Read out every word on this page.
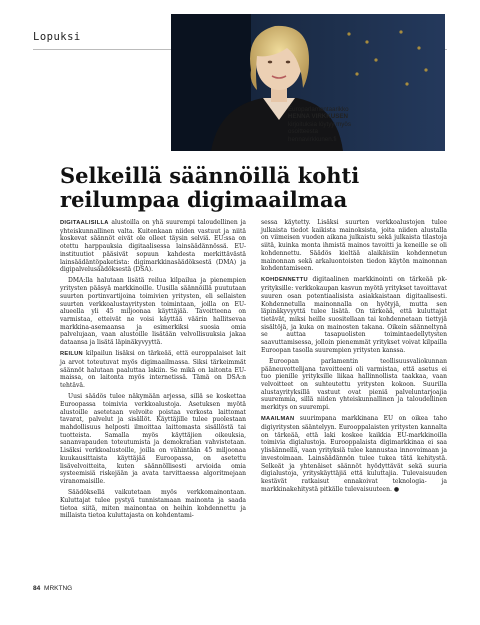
Lopuksi
Europarlamentaarikko
HENNA VIRKKUSEN
kirjoituksia löytyy myös
osoitteesta
hennavirkkunen.fi
Selkeillä säännöillä kohti
reilumpaa digimaailmaa

DIGITAALISILLA alustoilla on yhä suurempi taloudellinen ja yhteiskunnallinen valta. Kuitenkaan niiden vastuut ja niitä koskevat säännöt eivät ole olleet täysin selviä. EU:ssa on otettu harppauksia digitaalisessa lainsäädännössä. EU-instituutiot pääsivät sopuun kahdesta merkittävästä lainsäädäntöpaketista: digimarkkinasäädöksestä (DMA) ja digipalvelusäädöksestä (DSA).

DMA:lla halutaan lisätä reilua kilpailua ja pienempien yritysten pääsyä markkinoille. Uusilla säännöillä puututaan suurten portinvartijoina toimivien yritysten, eli sellaisten suurten verkkoalustayritysten toimintaan, joilla on EU-alueella yli 45 miljoonaa käyttäjää. Tavoitteena on varmistaa, etteivät ne voisi käyttää väärin hallitsevaa markkina-asemaansa ja esimerkiksi suosia omia palvelujaan, vaan alustoille lisätään velvollisuuksia jakaa dataansa ja lisätä läpinäkyvyyttä.

REILUN kilpailun lisäksi on tärkeää, että europpalaiset lait ja arvot toteutuvat myös digimaailmassa. Siksi tärkeimmät säännöt halutaan paaluttaa lakiin. Se mikä on laitonta EU-maissa, on laitonta myös internetissä. Tämä on DSA:n tehtävä.

Uusi säädös tulee näkymään arjessa, sillä se koskettaa Euroopassa toimivia verkkoalustoja. Asetuksen myötä alustoille asetetaan velvoite poistaa verkosta laittomat tavarat, palvelut ja sisällöt. Käyttäjille tulee puolestaan mahdollisuus helposti ilmoittaa laittomasta sisällöstä tai tuotteista. Samalla myös käyttäjien oikeuksia, sananvapauden toteutumista ja demokratian vahvistetaan. Lisäksi verkkoalustoille, joilla on vähintään 45 miljoonaa kuukausittaista käyttäjää Euroopassa, on asetettu lisävelvoitteita, kuten säännöllisesti arvioida omia systeemisiä riskejään ja avata tarvittaessa algoritmejaan viranomaisille.

Säädöksellä vaikutetaan myös verkkomainontaan. Kuluttajat tulee pystyä tunnistamaan mainonta ja saada tietoa siitä, miten mainontaa on heihin kohdennettu ja millaista tietoa kuluttajasta on kohdentami-

sessa käytetty. Lisäksi suurten verkkoalustojen tulee julkaista tiedot kaikista mainoksista, joita niiden alustalla on viimeisen vuoden aikana julkaistu sekä julkaista tilastoja siitä, kuinka monta ihmistä mainos tavoitti ja keneille se oli kohdennettu. Säädös kieltää alaikäisiin kohdennetun mainonnan sekä arkaluontoisten tiedon käytön mainonnan kohdentamiseen.

KOHDENNETTU digitaalinen markkinointi on tärkeää pk-yrityksille: verkkokaupan kasvun myötä yritykset tavoittavat suuren osan potentiaalisista asiakkaistaan digitaalisesti. Kohdennetulla mainonnalla on hyötyjä, mutta sen läpinäkyvyyttä tulee lisätä. On tärkeää, että kuluttajat tietävät, miksi heille suositellaan tai kohdennetaan tiettyjä sisältöjä, ja kuka on mainosten takana. Oikein säänneltynä se auttaa tasapuolisten toimintaedellytysten saavuttamisessa, jolloin pienemmät yritykset voivat kilpailla Euroopan tasolla suurempien yritysten kanssa.

Euroopan parlamentin teollisuusvaliokunnan pääneuvottelijana tavoitteeni oli varmistaa, että asetus ei tuo pienille yrityksille liikaa hallinnollista taakkaa, vaan velvoitteet on suhteutettu yritysten kokoon. Suurilla alustayrityksillä vastuut ovat pieniä palveluntarjoajia suuremmia, sillä niiden yhteiskunnallinen ja taloudellinen merkitys on suurempi.

MAAILMAN suurimpana markkinana EU on oikea taho digiyritysten sääntelyyn. Eurooppalaisten yritysten kannalta on tärkeää, että laki koskee kaikkia EU-markkinoilla toimivia digialustoja. Eurooppalaista digimarkkinaa ei saa ylisäännellä, vaan yrityksiä tulee kannustaa innovoimaan ja investoimaan. Lainsäädännön tulee tukea tätä kehitystä. Selkeät ja yhtenäiset säännöt hyödyttävät sekä suuria digialustoja, yrityskäyttäjiä että kuluttajia. Tulevaisuuden kestävät ratkaisut ennakoivat teknologia- ja markkinakehitystä pitkälle tulevaisuuteen. ●

84 MRKTNG
